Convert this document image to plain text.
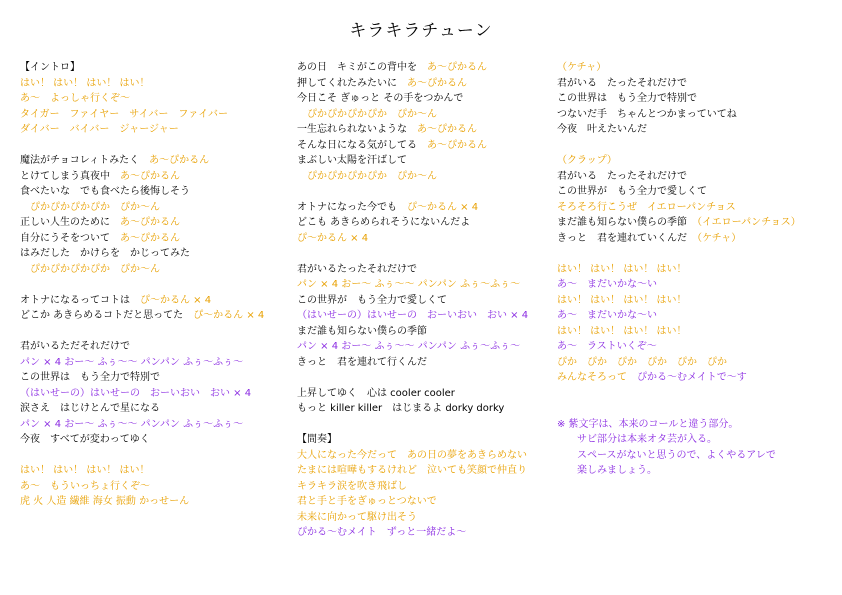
キラキラチューン
【イントロ】
はい！ はい！ はい！ はい！
あ～　よっしゃ行くぞ～
タイガー　ファイヤー　サイバー　ファイバー
ダイバー　バイバー　ジャージャー
魔法がチョコレィトみたく　あ～ぴかるん
とけてしまう真夜中　あ～ぴかるん
食べたいな　でも食べたら後悔しそう
　ぴかぴかぴかぴか　ぴか～ん
正しい人生のために　あ～ぴかるん
自分にうそをついて　あ～ぴかるん
はみだした　かけらを　かじってみた
　ぴかぴかぴかぴか　ぴか～ん
オトナになるってコトは　ぴ～かるん × 4
どこか あきらめるコトだと思ってた　ぴ～かるん × 4
君がいるただそれだけで
パン × 4 おー～ ふぅ～～ パンパン ふぅ～ふぅ～
この世界は　もう全力で特別で
（はいせーの）はいせーの　おーいおい　おい × 4
涙さえ　はじけとんで星になる
パン × 4 おー～ ふぅ～～ パンパン ふぅ～ふぅ～
今夜　すべてが変わってゆく
はい！ はい！ はい！ はい！
あ～　もういっちょ行くぞ～
虎 火 人造 繊維 海女 振動 かっせーん
あの日　キミがこの背中を　あ～ぴかるん
押してくれたみたいに　あ～ぴかるん
今日こそ ぎゅっと その手をつかんで
　ぴかぴかぴかぴか　ぴか～ん
一生忘れられないような　あ～ぴかるん
そんな日になる気がしてる　あ～ぴかるん
まぶしい太陽を汗ばして
　ぴかぴかぴかぴか　ぴか～ん
オトナになった今でも　ぴ～かるん × 4
どこも あきらめられそうにないんだよ
ぴ～かるん × 4
君がいるたったそれだけで
パン × 4 おー～ ふぅ～～ パンパン ふぅ～ふぅ～
この世界が　もう全力で愛しくて
（はいせーの）はいせーの　おーいおい　おい × 4
まだ誰も知らない僕らの季節
パン × 4 おー～ ふぅ～～ パンパン ふぅ～ふぅ～
きっと　君を連れて行くんだ
上昇してゆく　心は cooler cooler
もっと killer killer　はじまるよ dorky dorky
【間奏】
大人になった今だって　あの日の夢をあきらめない
たまには喧嘩もするけれど　泣いても笑顔で仲直り
キラキラ涙を吹き飛ばし
君と手と手をぎゅっとつないで
未来に向かって駆け出そう
ぴかる～むメイト　ずっと一緒だよ～
（ケチャ）
君がいる　たったそれだけで
この世界は　もう全力で特別で
つないだ手　ちゃんとつかまっていてね
今夜　叶えたいんだ
（クラップ）
君がいる　たったそれだけで
この世界が　もう全力で愛しくて
そろそろ行こうぜ　イエローパンチョス
まだ誰も知らない僕らの季節　（イエローパンチョス）
きっと　君を連れていくんだ　（ケチャ）
はい！ はい！ はい！ はい！
あ～　まだいかな～い
はい！ はい！ はい！ はい！
あ～　まだいかな～い
はい！ はい！ はい！ はい！
あ～　ラストいくぞ～
ぴか　ぴか　ぴか　ぴか　ぴか　ぴか
みんなそろって　ぴかる～むメイトで～す
※ 紫文字は、本来のコールと違う部分。
　　サビ部分は本来オタ芸が入る。
　　スペースがないと思うので、よくやるアレで
　　楽しみましょう。
